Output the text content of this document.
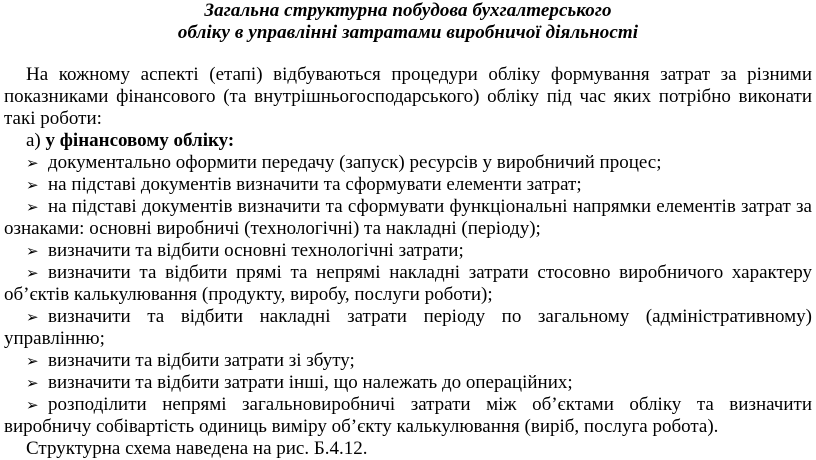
Загальна структурна побудова бухгалтерського
обліку в управлінні затратами виробничої діяльності

На кожному аспекті (етапі) відбуваються процедури обліку формування затрат за різними показниками фінансового (та внутрішньогосподарського) обліку під час яких потрібно виконати такі роботи:

а) у фінансовому обліку:

➢ документально оформити передачу (запуск) ресурсів у виробничий процес;

➢ на підставі документів визначити та сформувати елементи затрат;

➢ на підставі документів визначити та сформувати функціональні напрямки елементів затрат за ознаками: основні виробничі (технологічні) та накладні (періоду);

➢ визначити та відбити основні технологічні затрати;

➢ визначити та відбити прямі та непрямі накладні затрати стосовно виробничого характеру об’єктів калькулювання (продукту, виробу, послуги роботи);

➢ визначити та відбити накладні затрати періоду по загальному (адміністративному) управлінню;

➢ визначити та відбити затрати зі збуту;

➢ визначити та відбити затрати інші, що належать до операційних;

➢ розподілити непрямі загальновиробничі затрати між об’єктами обліку та визначити виробничу собівартість одиниць виміру об’єкту калькулювання (виріб, послуга робота).

Структурна схема наведена на рис. Б.4.12.
